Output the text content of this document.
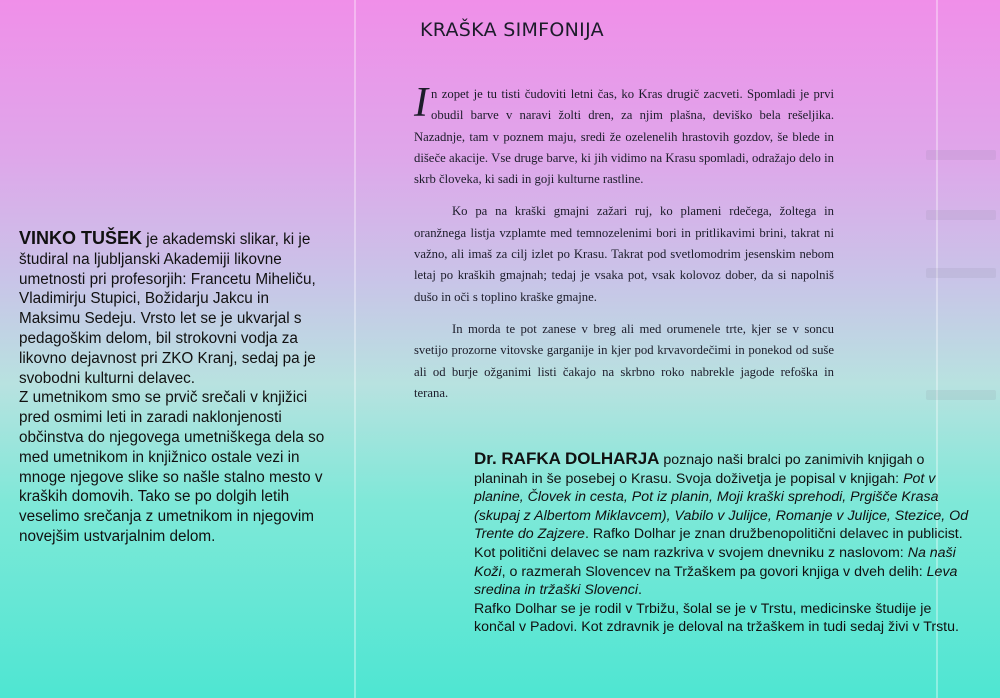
VINKO TUŠEK je akademski slikar, ki je študiral na ljubljanski Akademiji likovne umetnosti pri profesorjih: Francetu Miheliču, Vladimirju Stupici, Božidarju Jakcu in Maksimu Sedeju. Vrsto let se je ukvarjal s pedagoškim delom, bil strokovni vodja za likovno dejavnost pri ZKO Kranj, sedaj pa je svobodni kulturni delavec.
Z umetnikom smo se prvič srečali v knjižici pred osmimi leti in zaradi naklonjenosti občinstva do njegovega umetniškega dela so med umetnikom in knjižnico ostale vezi in mnoge njegove slike so našle stalno mesto v kraških domovih. Tako se po dolgih letih veselimo srečanja z umetnikom in njegovim novejšim ustvarjalnim delom.
KRAŠKA SIMFONIJA

In zopet je tu tisti čudoviti letni čas, ko Kras drugič zacveti. Spomladi je prvi obudil barve v naravi žolti dren, za njim plašna, deviško bela rešeljika. Nazadnje, tam v poznem maju, sredi že ozelenelih hrastovih gozdov, še blede in dišeče akacije. Vse druge barve, ki jih vidimo na Krasu spomladi, odražajo delo in skrb človeka, ki sadi in goji kulturne rastline.

Ko pa na kraški gmajni zažari ruj, ko plameni rdečega, žoltega in oranžnega listja vzplamte med temnozelenimi bori in pritlikavimi brini, takrat ni važno, ali imaš za cilj izlet po Krasu. Takrat pod svetlomodrim jesenskim nebom letaj po kraških gmajnah; tedaj je vsaka pot, vsak kolovoz dober, da si napolniš dušo in oči s toplino kraške gmajne.

In morda te pot zanese v breg ali med orumenele trte, kjer se v soncu svetijo prozorne vitovske garganije in kjer pod krvavordečimi in ponekod od suše ali od burje ožganimi listi čakajo na skrbno roko nabrekle jagode refoška in terana.

Dr. RAFKA DOLHARJA poznajo naši bralci po zanimivih knjigah o planinah in še posebej o Krasu. Svoja doživetja je popisal v knjigah: Pot v planine, Človek in cesta, Pot iz planin, Moji kraški sprehodi, Prgišče Krasa (skupaj z Albertom Miklavcem), Vabilo v Julijce, Romanje v Julijce, Stezice, Od Trente do Zajzere. Rafko Dolhar je znan družbenopolitični delavec in publicist. Kot politični delavec se nam razkriva v svojem dnevniku z naslovom: Na naši Koži, o razmerah Slovencev na Tržaškem pa govori knjiga v dveh delih: Leva sredina in tržaški Slovenci.
Rafko Dolhar se je rodil v Trbižu, šolal se je v Trstu, medicinske študije je končal v Padovi. Kot zdravnik je deloval na tržaškem in tudi sedaj živi v Trstu.
